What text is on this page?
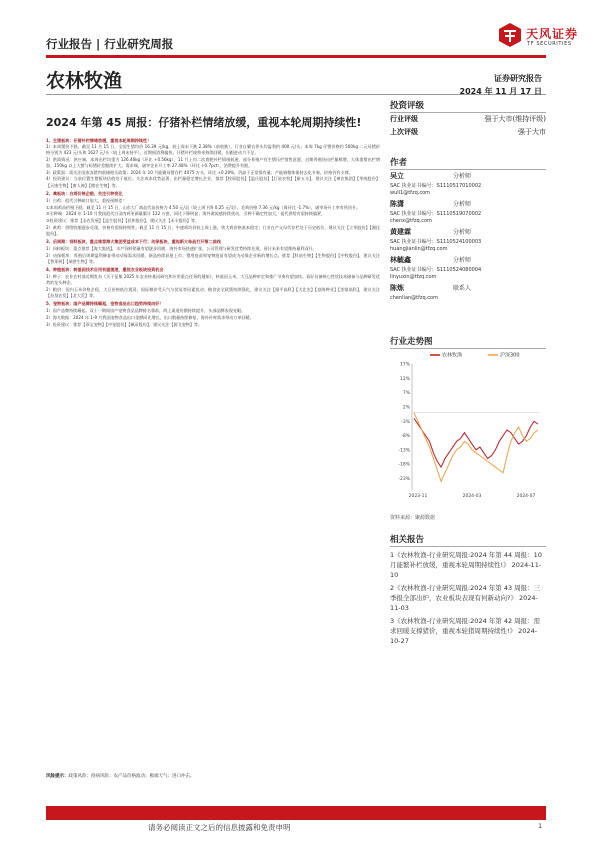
天风证券
TF SECURITIES
行业报告 | 行业研究周报
农林牧渔	证券研究报告
2024 年 11 月 17 日
2024 年第 45 周报：仔猪补栏情绪放缓，重视本轮周期持续性!
1、生猪板块：仔猪补栏情绪放缓，重视本轮周期持续性！
1）本周猪价下跌。截至 11 月 15 日，全国生猪均价 16.39 元/kg，较上周末下跌 2.38%（前收跌），行业自繁自养头均盈利约 400 元/头；本周 7kg 仔猪价格约 500kg 二元母猪价格分别为 423 元/头和 1627 元/头（较上周末持平），近期损消将偏快。仔猪补栏或带来持续回暖，但跟进动力不足。
2）供需情况：供应端，本周出栏均重为 126.46kg（环比 +0.56kg），11 月上旬二次育肥补栏情绪低迷，部分养殖户有生猪压栏惜售意愿，近期养殖场出栏量稍增，大体重猪出栏增加。150kg 以上大猪与标猪价差继续扩大，需求端，屠宰企业开工率 27.48%（环比 +0.7pct），消费提升有限。
3）政策面：需关注国家冻猪肉收储相关政策；2024 年 10 月能繁母猪存栏 4075 万头，环比 +0.29%，仍高于正常保有量；产能端整体保持去化节奏，价格仍有支撑。
4）投资建议：当前位置生猪板块估值处于低位。关注成本优势显著、出栏量稳定增长企业，推荐【牧原股份】【温氏股份】【巨星农牧】【新五丰】，建议关注【神农集团】【华统股份】【天康生物】【唐人神】【傲农生物】等。
2、禽板块：白鸡价格企稳，关注引种变化
1）白鸡：祖代引种缺口加大，重视预期差！
①本周鸡苗价格下跌。截至 11 月 15 日，山东大厂商品代苗价格为 4.50 元/羽（较上周下降 0.25 元/羽），毛鸡价格 7.36 元/kg（周环比 -1.7%），屠宰场开工率有所回升。
②引种端：2024 年 1-10 月我国祖代白羽肉鸡更新量累计 122 万套，同比下降明显；海外禽流感持续扰动，引种不确定性加大，祖代供给有望持续偏紧。
③投资建议：推荐【圣农发展】【益生股份】【民和股份】，建议关注【禾丰股份】等。
2）黄鸡：供给收缩逐步兑现，价格有望保持韧性。截至 11 月 15 日，中速鸡均价较上周上涨，快大鸡价格基本稳定；行业在产父母代存栏处于历史低位，建议关注【立华股份】【湘佳股份】。
3、后周期：饲料板块，重点推荐海大集团受益成本下行；动保板块，重视新大单品打开第二曲线
1）饲料板块：重点推荐【海大集团】，水产饲料销量有望逐步回暖，海外市场快速扩张，公司管理与研发优势持续兑现，预计未来有望维持量利双升。
2）动保板块：养殖后周期盈利修复带动动保需求回暖，新品持续获批上市；猪用疫苗和宠物疫苗有望成为动保企业新的增长点。推荐【科前生物】【生物股份】【中牧股份】，建议关注【普莱柯】【瑞普生物】等。
4、种植板块：转基因技术应用有望提速，重视农业板块投资机会
1）种子：农业农村部近期发布《关于征集 2025 年农业转基因研究和应用重点任务的通知》，转基因玉米、大豆品种审定和推广节奏有望加快。看好具备核心性状技术储备与品种研发优势的龙头种企。
2）粮价：国内玉米价格企稳，大豆价格低位震荡，国际粮价受天气与贸易等因素扰动；粮食安全政策持续强化，建议关注【隆平高科】【大北农】【登海种业】【荃银高科】，建议关注【苏垦农发】【北大荒】等。
5、宠物板块：国产品牌持续崛起，宠物食品出口趋势持续向好！
1）国产品牌持续崛起。双十一期间国产宠物食品品牌排名靠前，线上渠道份额持续提升，头部品牌表现亮眼。
2）海关数据：2024 年 1-9 月我国宠物食品出口金额同比增长，出口数量持续修复，海外补库需求带动订单回暖。
3）投资建议：推荐【乖宝宠物】【中宠股份】【佩蒂股份】，建议关注【源飞宠物】等。
风险提示：政策风险；疫病风险；农产品价格波动；极端天气；进口冲击。
投资评级
行业评级	强于大市(维持评级)
上次评级	强于大市
作者
吴立	分析师
SAC 执业证书编号：S1110517010002
wuli1@tfzq.com
陈潇	分析师
SAC 执业证书编号：S1110519070002
chenx@tfzq.com
黄建霖	分析师
SAC 执业证书编号：S1110524100003
huangjianlin@tfzq.com
林毓鑫	分析师
SAC 执业证书编号：S1110524080004
linyuxin@tfzq.com
陈炼	联系人
chenlian@tfzq.com
行业走势图
17%
12%
7%
2%
-3%
-8%
-13%
-18%
-23%
2023-11	2024-03	2024-07
农林牧渔	沪深300
资料来源：聚源数据
相关报告
1《农林牧渔-行业研究周报:2024 年第 44 周报：10 月能繁补栏放缓，重视本轮周期持续性!》 2024-11-10
2《农林牧渔-行业研究周报:2024 年第 43 周报：三季报全部出炉，农业板块表现有何新动向?》 2024-11-03
3《农林牧渔-行业研究周报:2024 年第 42 周报：需求回暖支撑猪价，重视本轮猪周期持续性!》 2024-10-27
请务必阅读正文之后的信息披露和免责申明	1
